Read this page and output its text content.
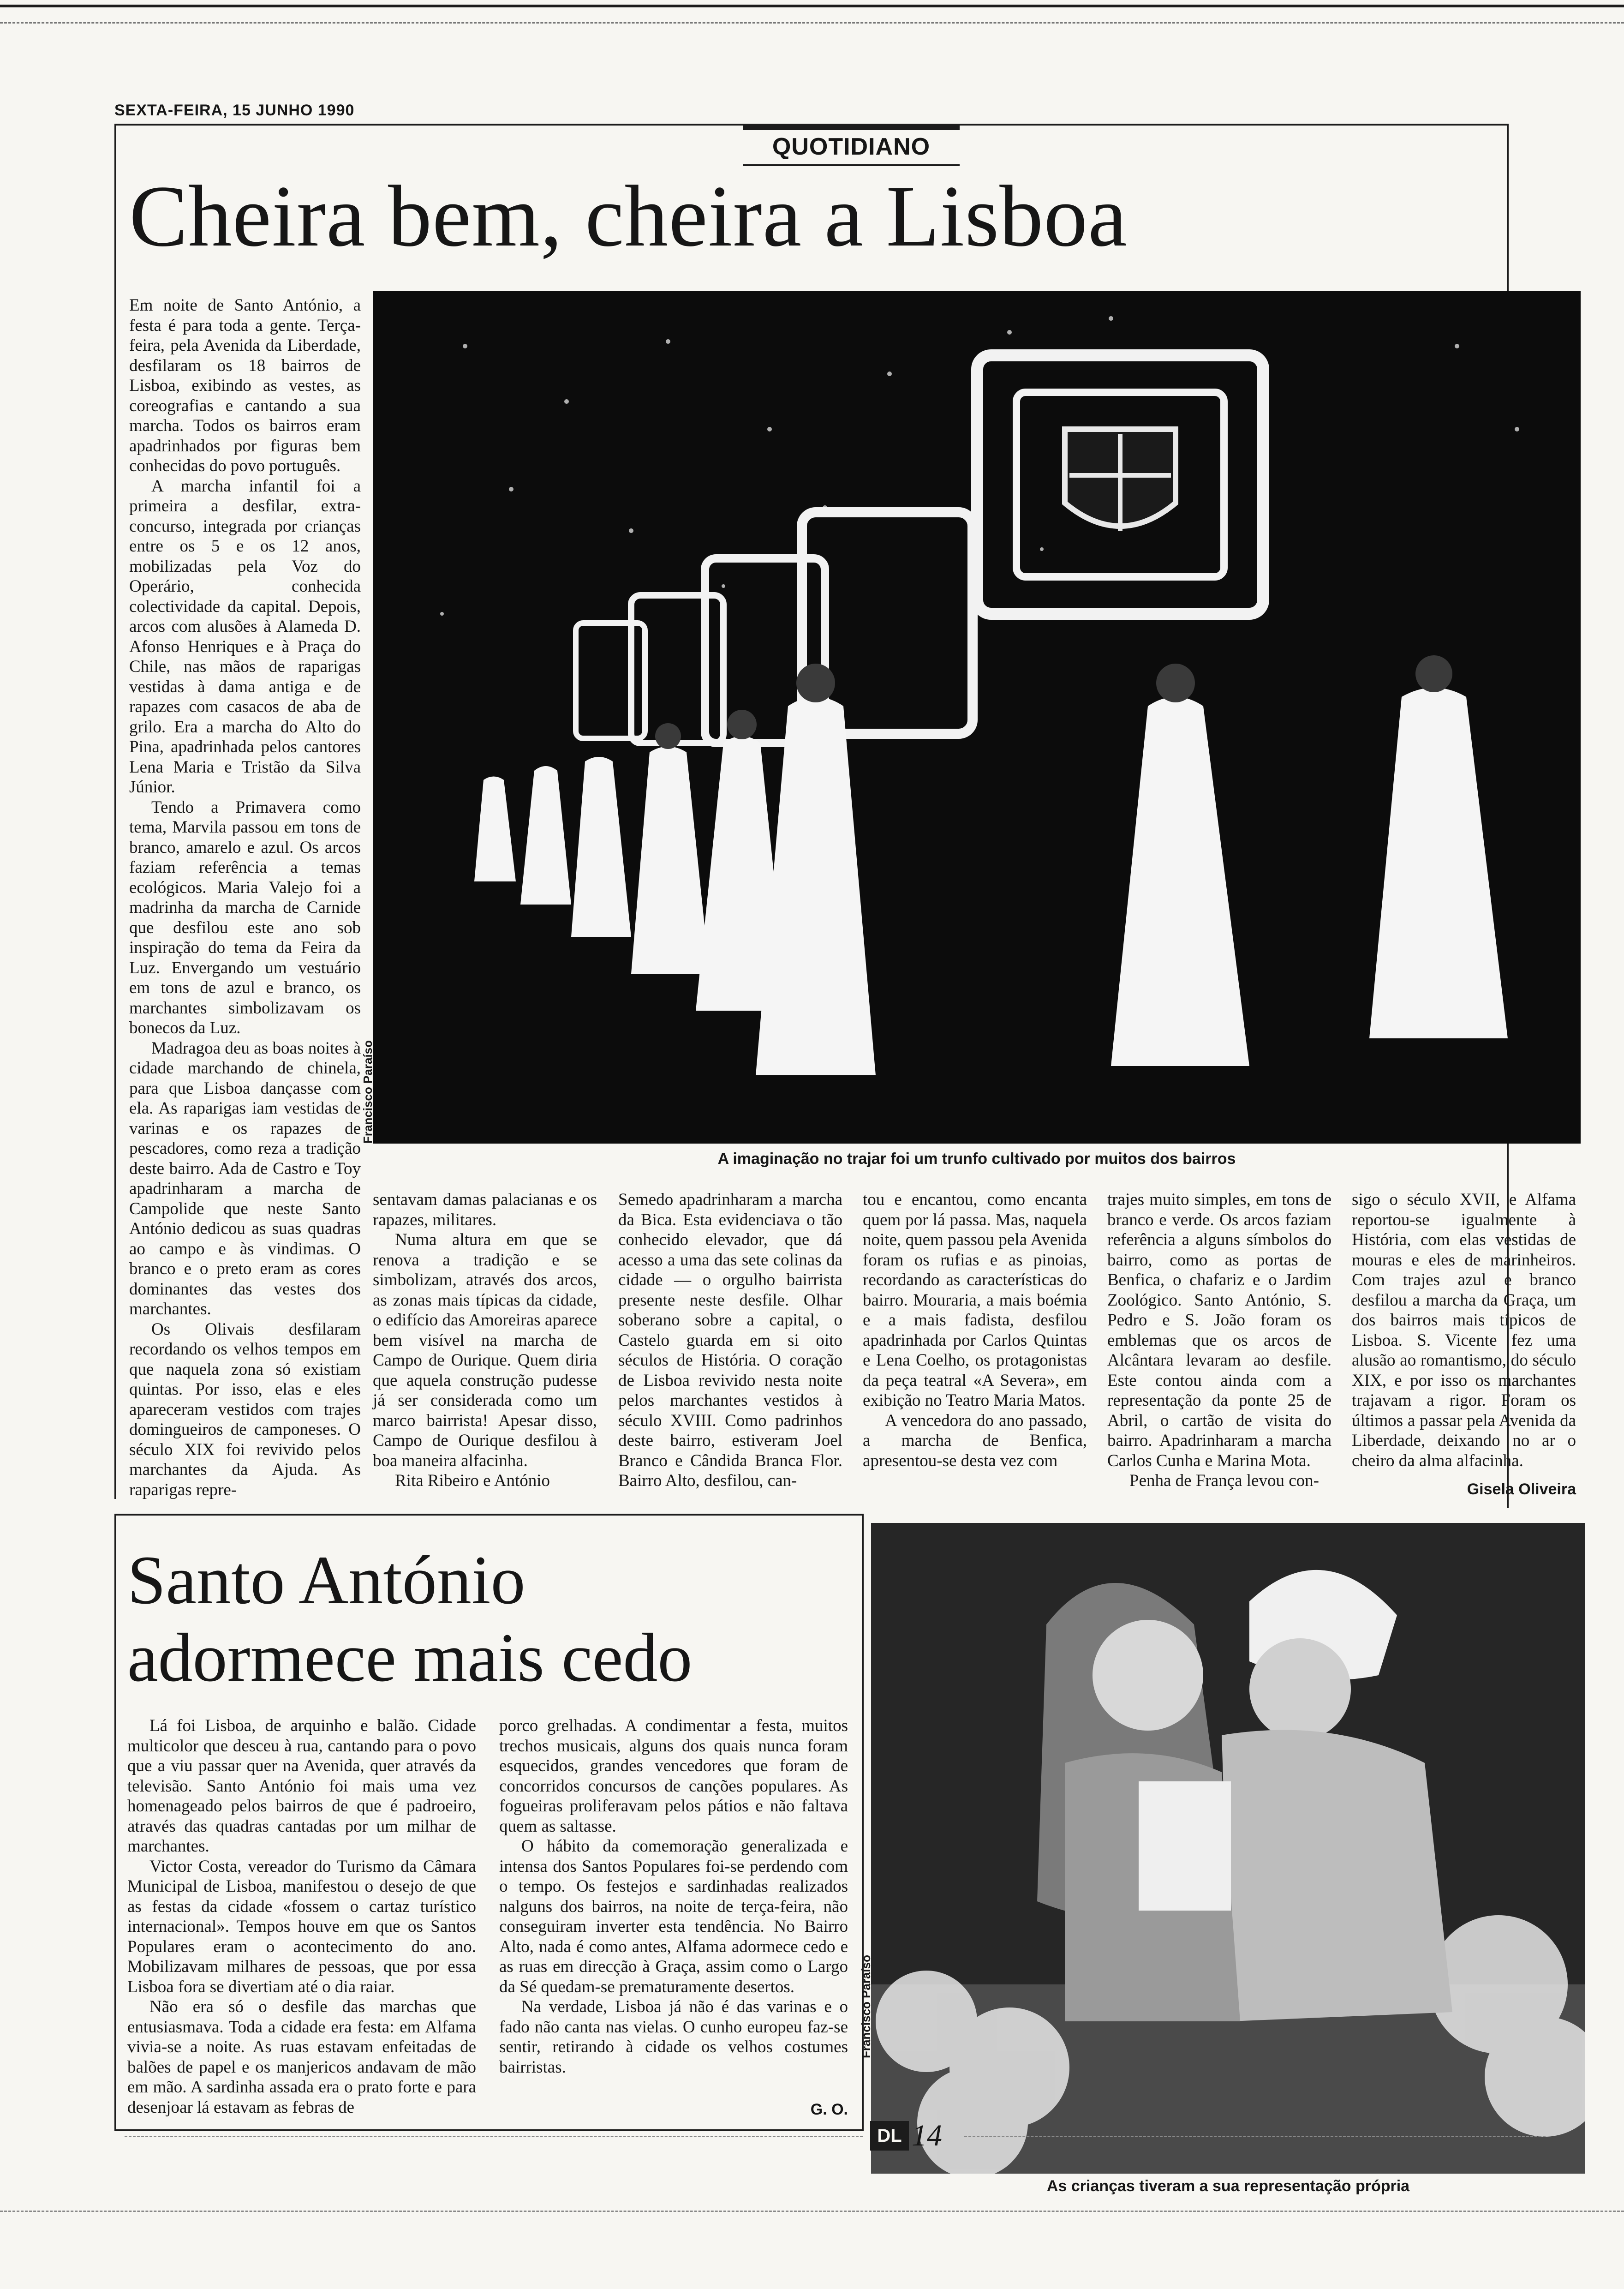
SEXTA-FEIRA, 15 JUNHO 1990
QUOTIDIANO
Cheira bem, cheira a Lisboa

Em noite de Santo António, a festa é para toda a gente. Terça-feira, pela Avenida da Liberdade, desfilaram os 18 bairros de Lisboa, exibindo as vestes, as coreografias e cantando a sua marcha. Todos os bairros eram apadrinhados por figuras bem conhecidas do povo português.

A marcha infantil foi a primeira a desfilar, extra-concurso, integrada por crianças entre os 5 e os 12 anos, mobilizadas pela Voz do Operário, conhecida colectividade da capital. Depois, arcos com alusões à Alameda D. Afonso Henriques e à Praça do Chile, nas mãos de raparigas vestidas à dama antiga e de rapazes com casacos de aba de grilo. Era a marcha do Alto do Pina, apadrinhada pelos cantores Lena Maria e Tristão da Silva Júnior.

Tendo a Primavera como tema, Marvila passou em tons de branco, amarelo e azul. Os arcos faziam referência a temas ecológicos. Maria Valejo foi a madrinha da marcha de Carnide que desfilou este ano sob inspiração do tema da Feira da Luz. Envergando um vestuário em tons de azul e branco, os marchantes simbolizavam os bonecos da Luz.

Madragoa deu as boas noites à cidade marchando de chinela, para que Lisboa dançasse com ela. As raparigas iam vestidas de varinas e os rapazes de pescadores, como reza a tradição deste bairro. Ada de Castro e Toy apadrinharam a marcha de Campolide que neste Santo António dedicou as suas quadras ao campo e às vindimas. O branco e o preto eram as cores dominantes das vestes dos marchantes.

Os Olivais desfilaram recordando os velhos tempos em que naquela zona só existiam quintas. Por isso, elas e eles apareceram vestidos com trajes domingueiros de camponeses. O século XIX foi revivido pelos marchantes da Ajuda. As raparigas repre-

Francisco Paraíso
A imaginação no trajar foi um trunfo cultivado por muitos dos bairros

sentavam damas palacianas e os rapazes, militares.

Numa altura em que se renova a tradição e se simbolizam, através dos arcos, as zonas mais típicas da cidade, o edifício das Amoreiras aparece bem visível na marcha de Campo de Ourique. Quem diria que aquela construção pudesse já ser considerada como um marco bairrista! Apesar disso, Campo de Ourique desfilou à boa maneira alfacinha.

Rita Ribeiro e António

Semedo apadrinharam a marcha da Bica. Esta evidenciava o tão conhecido elevador, que dá acesso a uma das sete colinas da cidade — o orgulho bairrista presente neste desfile. Olhar soberano sobre a capital, o Castelo guarda em si oito séculos de História. O coração de Lisboa revivido nesta noite pelos marchantes vestidos à século XVIII. Como padrinhos deste bairro, estiveram Joel Branco e Cândida Branca Flor. Bairro Alto, desfilou, can-

tou e encantou, como encanta quem por lá passa. Mas, naquela noite, quem passou pela Avenida foram os rufias e as pinoias, recordando as características do bairro. Mouraria, a mais boémia e a mais fadista, desfilou apadrinhada por Carlos Quintas e Lena Coelho, os protagonistas da peça teatral «A Severa», em exibição no Teatro Maria Matos.

A vencedora do ano passado, a marcha de Benfica, apresentou-se desta vez com

trajes muito simples, em tons de branco e verde. Os arcos faziam referência a alguns símbolos do bairro, como as portas de Benfica, o chafariz e o Jardim Zoológico. Santo António, S. Pedro e S. João foram os emblemas que os arcos de Alcântara levaram ao desfile. Este contou ainda com a representação da ponte 25 de Abril, o cartão de visita do bairro. Apadrinharam a marcha Carlos Cunha e Marina Mota.

Penha de França levou con-

sigo o século XVII, e Alfama reportou-se igualmente à História, com elas vestidas de mouras e eles de marinheiros. Com trajes azul e branco desfilou a marcha da Graça, um dos bairros mais típicos de Lisboa. S. Vicente fez uma alusão ao romantismo, do século XIX, e por isso os marchantes trajavam a rigor. Foram os últimos a passar pela Avenida da Liberdade, deixando no ar o cheiro da alma alfacinha.

Gisela Oliveira
Santo António
adormece mais cedo

Lá foi Lisboa, de arquinho e balão. Cidade multicolor que desceu à rua, cantando para o povo que a viu passar quer na Avenida, quer através da televisão. Santo António foi mais uma vez homenageado pelos bairros de que é padroeiro, através das quadras cantadas por um milhar de marchantes.

Victor Costa, vereador do Turismo da Câmara Municipal de Lisboa, manifestou o desejo de que as festas da cidade «fossem o cartaz turístico internacional». Tempos houve em que os Santos Populares eram o acontecimento do ano. Mobilizavam milhares de pessoas, que por essa Lisboa fora se divertiam até o dia raiar.

Não era só o desfile das marchas que entusiasmava. Toda a cidade era festa: em Alfama vivia-se a noite. As ruas estavam enfeitadas de balões de papel e os manjericos andavam de mão em mão. A sardinha assada era o prato forte e para desenjoar lá estavam as febras de

porco grelhadas. A condimentar a festa, muitos trechos musicais, alguns dos quais nunca foram esquecidos, grandes vencedores que foram de concorridos concursos de canções populares. As fogueiras proliferavam pelos pátios e não faltava quem as saltasse.

O hábito da comemoração generalizada e intensa dos Santos Populares foi-se perdendo com o tempo. Os festejos e sardinhadas realizados nalguns dos bairros, na noite de terça-feira, não conseguiram inverter esta tendência. No Bairro Alto, nada é como antes, Alfama adormece cedo e as ruas em direcção à Graça, assim como o Largo da Sé quedam-se prematuramente desertos.

Na verdade, Lisboa já não é das varinas e o fado não canta nas vielas. O cunho europeu faz-se sentir, retirando à cidade os velhos costumes bairristas.

G. O.
Francisco Paraíso
As crianças tiveram a sua representação própria
DL 14
